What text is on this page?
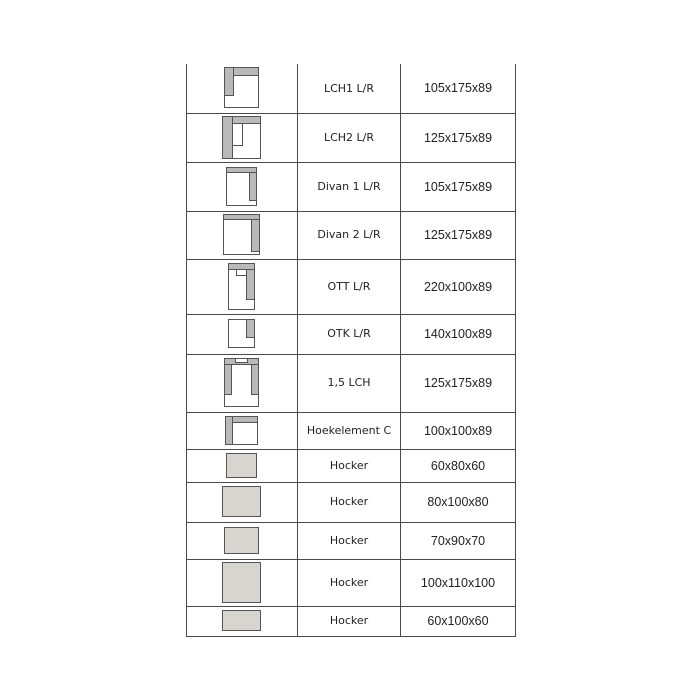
	LCH1 L/R	105x175x89

	LCH2 L/R	125x175x89

	Divan 1 L/R	105x175x89

	Divan 2 L/R	125x175x89

	OTT L/R	220x100x89

	OTK L/R	140x100x89

	1,5 LCH	125x175x89

	Hoekelement C	100x100x89

	Hocker	60x80x60

	Hocker	80x100x80

	Hocker	70x90x70

	Hocker	100x110x100

	Hocker	60x100x60
